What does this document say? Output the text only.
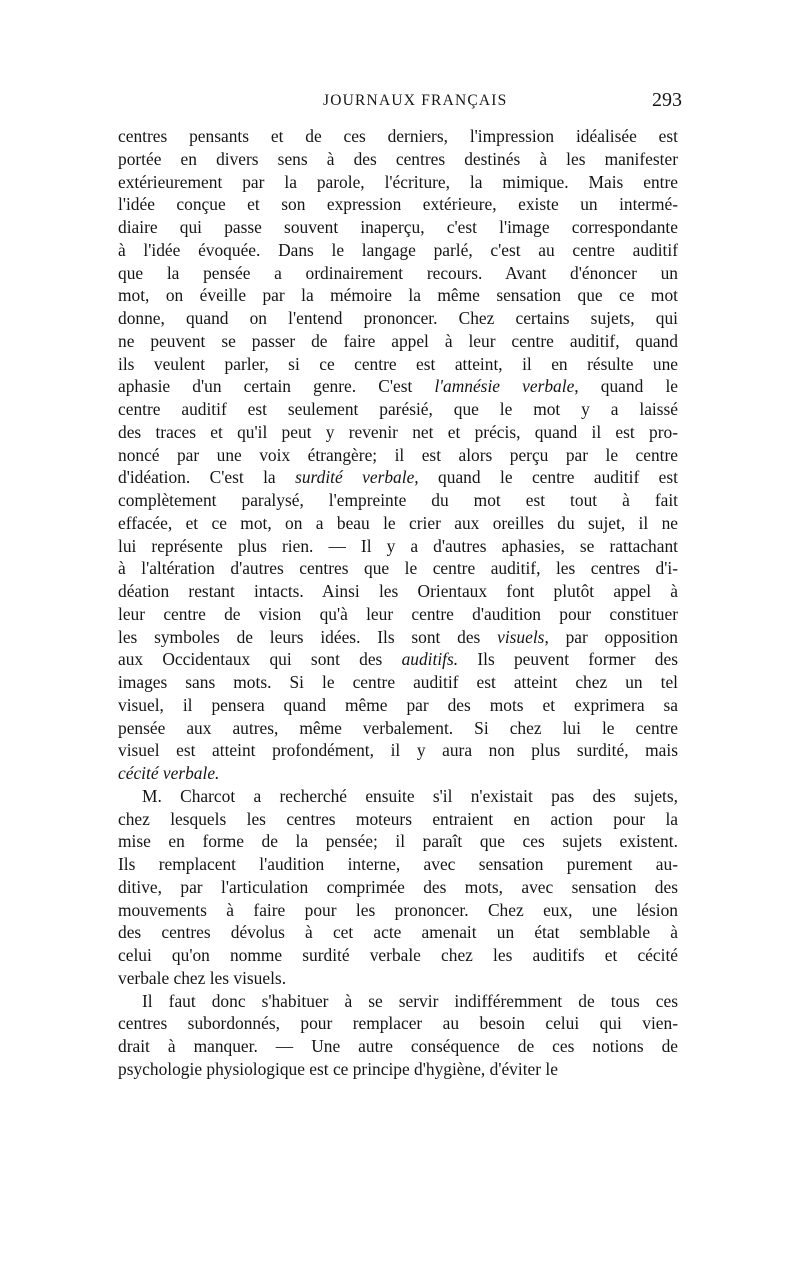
JOURNAUX FRANÇAIS	293
centres pensants et de ces derniers, l'impression idéalisée est
portée en divers sens à des centres destinés à les manifester
extérieurement par la parole, l'écriture, la mimique. Mais entre
l'idée conçue et son expression extérieure, existe un intermé-
diaire qui passe souvent inaperçu, c'est l'image correspondante
à l'idée évoquée. Dans le langage parlé, c'est au centre auditif
que la pensée a ordinairement recours. Avant d'énoncer un
mot, on éveille par la mémoire la même sensation que ce mot
donne, quand on l'entend prononcer. Chez certains sujets, qui
ne peuvent se passer de faire appel à leur centre auditif, quand
ils veulent parler, si ce centre est atteint, il en résulte une
aphasie d'un certain genre. C'est l'amnésie verbale, quand le
centre auditif est seulement parésié, que le mot y a laissé
des traces et qu'il peut y revenir net et précis, quand il est pro-
noncé par une voix étrangère; il est alors perçu par le centre
d'idéation. C'est la surdité verbale, quand le centre auditif est
complètement paralysé, l'empreinte du mot est tout à fait
effacée, et ce mot, on a beau le crier aux oreilles du sujet, il ne
lui représente plus rien. — Il y a d'autres aphasies, se rattachant
à l'altération d'autres centres que le centre auditif, les centres d'i-
déation restant intacts. Ainsi les Orientaux font plutôt appel à
leur centre de vision qu'à leur centre d'audition pour constituer
les symboles de leurs idées. Ils sont des visuels, par opposition
aux Occidentaux qui sont des auditifs. Ils peuvent former des
images sans mots. Si le centre auditif est atteint chez un tel
visuel, il pensera quand même par des mots et exprimera sa
pensée aux autres, même verbalement. Si chez lui le centre
visuel est atteint profondément, il y aura non plus surdité, mais
cécité verbale.
M. Charcot a recherché ensuite s'il n'existait pas des sujets,
chez lesquels les centres moteurs entraient en action pour la
mise en forme de la pensée; il paraît que ces sujets existent.
Ils remplacent l'audition interne, avec sensation purement au-
ditive, par l'articulation comprimée des mots, avec sensation des
mouvements à faire pour les prononcer. Chez eux, une lésion
des centres dévolus à cet acte amenait un état semblable à
celui qu'on nomme surdité verbale chez les auditifs et cécité
verbale chez les visuels.
Il faut donc s'habituer à se servir indifféremment de tous ces
centres subordonnés, pour remplacer au besoin celui qui vien-
drait à manquer. — Une autre conséquence de ces notions de
psychologie physiologique est ce principe d'hygiène, d'éviter le
